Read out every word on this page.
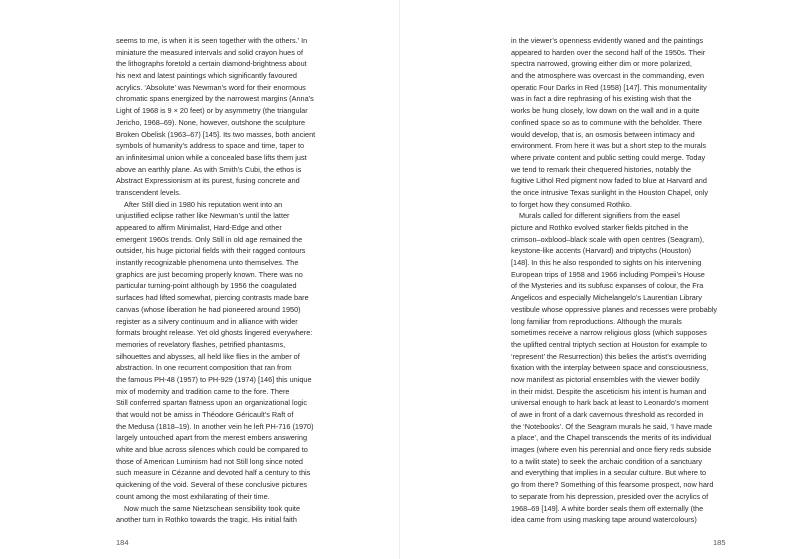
seems to me, is when it is seen together with the others.’ In
miniature the measured intervals and solid crayon hues of
the lithographs foretold a certain diamond-brightness about
his next and latest paintings which significantly favoured
acrylics. ‘Absolute’ was Newman’s word for their enormous
chromatic spans energized by the narrowest margins (Anna’s
Light of 1968 is 9 × 20 feet) or by asymmetry (the triangular
Jericho, 1968–69). None, however, outshone the sculpture
Broken Obelisk (1963–67) [145]. Its two masses, both ancient
symbols of humanity’s address to space and time, taper to
an infinitesimal union while a concealed base lifts them just
above an earthly plane. As with Smith’s Cubi, the ethos is
Abstract Expressionism at its purest, fusing concrete and
transcendent levels.
After Still died in 1980 his reputation went into an
unjustified eclipse rather like Newman’s until the latter
appeared to affirm Minimalist, Hard-Edge and other
emergent 1960s trends. Only Still in old age remained the
outsider, his huge pictorial fields with their ragged contours
instantly recognizable phenomena unto themselves. The
graphics are just becoming properly known. There was no
particular turning-point although by 1956 the coagulated
surfaces had lifted somewhat, piercing contrasts made bare
canvas (whose liberation he had pioneered around 1950)
register as a silvery continuum and in alliance with wider
formats brought release. Yet old ghosts lingered everywhere:
memories of revelatory flashes, petrified phantasms,
silhouettes and abysses, all held like flies in the amber of
abstraction. In one recurrent composition that ran from
the famous PH-48 (1957) to PH-929 (1974) [146] this unique
mix of modernity and tradition came to the fore. There
Still conferred spartan flatness upon an organizational logic
that would not be amiss in Théodore Géricault’s Raft of
the Medusa (1818–19). In another vein he left PH-716 (1970)
largely untouched apart from the merest embers answering
white and blue across silences which could be compared to
those of American Luminism had not Still long since noted
such measure in Cézanne and devoted half a century to this
quickening of the void. Several of these conclusive pictures
count among the most exhilarating of their time.
Now much the same Nietzschean sensibility took quite
another turn in Rothko towards the tragic. His initial faith
184
in the viewer’s openness evidently waned and the paintings
appeared to harden over the second half of the 1950s. Their
spectra narrowed, growing either dim or more polarized,
and the atmosphere was overcast in the commanding, even
operatic Four Darks in Red (1958) [147]. This monumentality
was in fact a dire rephrasing of his existing wish that the
works be hung closely, low down on the wall and in a quite
confined space so as to commune with the beholder. There
would develop, that is, an osmosis between intimacy and
environment. From here it was but a short step to the murals
where private content and public setting could merge. Today
we tend to remark their chequered histories, notably the
fugitive Lithol Red pigment now faded to blue at Harvard and
the once intrusive Texas sunlight in the Houston Chapel, only
to forget how they consumed Rothko.
Murals called for different signifiers from the easel
picture and Rothko evolved starker fields pitched in the
crimson–oxblood–black scale with open centres (Seagram),
keystone-like accents (Harvard) and triptychs (Houston)
[148]. In this he also responded to sights on his intervening
European trips of 1958 and 1966 including Pompeii’s House
of the Mysteries and its subfusc expanses of colour, the Fra
Angelicos and especially Michelangelo’s Laurentian Library
vestibule whose oppressive planes and recesses were probably
long familiar from reproductions. Although the murals
sometimes receive a narrow religious gloss (which supposes
the uplifted central triptych section at Houston for example to
‘represent’ the Resurrection) this belies the artist’s overriding
fixation with the interplay between space and consciousness,
now manifest as pictorial ensembles with the viewer bodily
in their midst. Despite the asceticism his intent is human and
universal enough to hark back at least to Leonardo’s moment
of awe in front of a dark cavernous threshold as recorded in
the ‘Notebooks’. Of the Seagram murals he said, ‘I have made
a place’, and the Chapel transcends the merits of its individual
images (where even his perennial and once fiery reds subside
to a twilit state) to seek the archaic condition of a sanctuary
and everything that implies in a secular culture. But where to
go from there? Something of this fearsome prospect, now hard
to separate from his depression, presided over the acrylics of
1968–69 [149]. A white border seals them off externally (the
idea came from using masking tape around watercolours)
185
